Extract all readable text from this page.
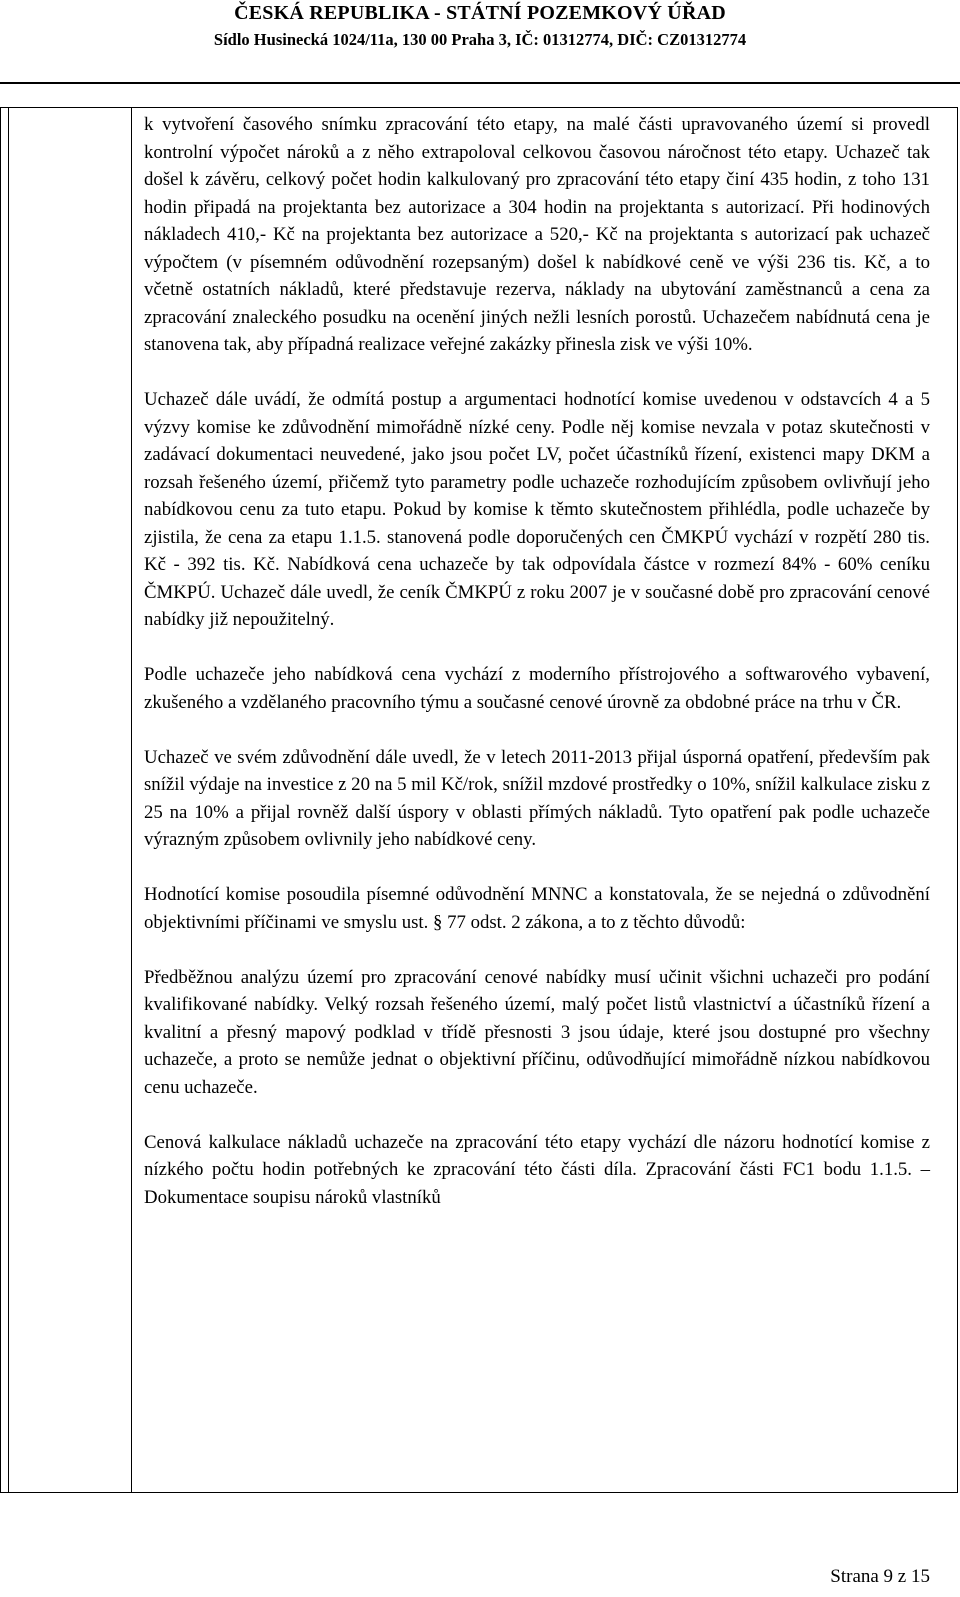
ČESKÁ REPUBLIKA - STÁTNÍ POZEMKOVÝ ÚŘAD
Sídlo Husinecká 1024/11a, 130 00 Praha 3, IČ: 01312774, DIČ: CZ01312774

k vytvoření časového snímku zpracování této etapy, na malé části upravovaného území si provedl kontrolní výpočet nároků a z něho extrapoloval celkovou časovou náročnost této etapy. Uchazeč tak došel k závěru, celkový počet hodin kalkulovaný pro zpracování této etapy činí 435 hodin, z toho 131 hodin připadá na projektanta bez autorizace a 304 hodin na projektanta s autorizací. Při hodinových nákladech 410,- Kč na projektanta bez autorizace a 520,- Kč na projektanta s autorizací pak uchazeč výpočtem (v písemném odůvodnění rozepsaným) došel k nabídkové ceně ve výši 236 tis. Kč, a to včetně ostatních nákladů, které představuje rezerva, náklady na ubytování zaměstnanců a cena za zpracování znaleckého posudku na ocenění jiných nežli lesních porostů. Uchazečem nabídnutá cena je stanovena tak, aby případná realizace veřejné zakázky přinesla zisk ve výši 10%.

Uchazeč dále uvádí, že odmítá postup a argumentaci hodnotící komise uvedenou v odstavcích 4 a 5 výzvy komise ke zdůvodnění mimořádně nízké ceny. Podle něj komise nevzala v potaz skutečnosti v zadávací dokumentaci neuvedené, jako jsou počet LV, počet účastníků řízení, existenci mapy DKM a rozsah řešeného území, přičemž tyto parametry podle uchazeče rozhodujícím způsobem ovlivňují jeho nabídkovou cenu za tuto etapu. Pokud by komise k těmto skutečnostem přihlédla, podle uchazeče by zjistila, že cena za etapu 1.1.5. stanovená podle doporučených cen ČMKPÚ vychází v rozpětí 280 tis. Kč - 392 tis. Kč. Nabídková cena uchazeče by tak odpovídala částce v rozmezí 84% - 60% ceníku ČMKPÚ. Uchazeč dále uvedl, že ceník ČMKPÚ z roku 2007 je v současné době pro zpracování cenové nabídky již nepoužitelný.

Podle uchazeče jeho nabídková cena vychází z moderního přístrojového a softwarového vybavení, zkušeného a vzdělaného pracovního týmu a současné cenové úrovně za obdobné práce na trhu v ČR.

Uchazeč ve svém zdůvodnění dále uvedl, že v letech 2011-2013 přijal úsporná opatření, především pak snížil výdaje na investice z 20 na 5 mil Kč/rok, snížil mzdové prostředky o 10%, snížil kalkulace zisku z 25 na 10% a přijal rovněž další úspory v oblasti přímých nákladů. Tyto opatření pak podle uchazeče výrazným způsobem ovlivnily jeho nabídkové ceny.

Hodnotící komise posoudila písemné odůvodnění MNNC a konstatovala, že se nejedná o zdůvodnění objektivními příčinami ve smyslu ust. § 77 odst. 2 zákona, a to z těchto důvodů:

Předběžnou analýzu území pro zpracování cenové nabídky musí učinit všichni uchazeči pro podání kvalifikované nabídky. Velký rozsah řešeného území, malý počet listů vlastnictví a účastníků řízení a kvalitní a přesný mapový podklad v třídě přesnosti 3 jsou údaje, které jsou dostupné pro všechny uchazeče, a proto se nemůže jednat o objektivní příčinu, odůvodňující mimořádně nízkou nabídkovou cenu uchazeče.

Cenová kalkulace nákladů uchazeče na zpracování této etapy vychází dle názoru hodnotící komise z nízkého počtu hodin potřebných ke zpracování této části díla. Zpracování části FC1 bodu 1.1.5. – Dokumentace soupisu nároků vlastníků

Strana 9 z 15
